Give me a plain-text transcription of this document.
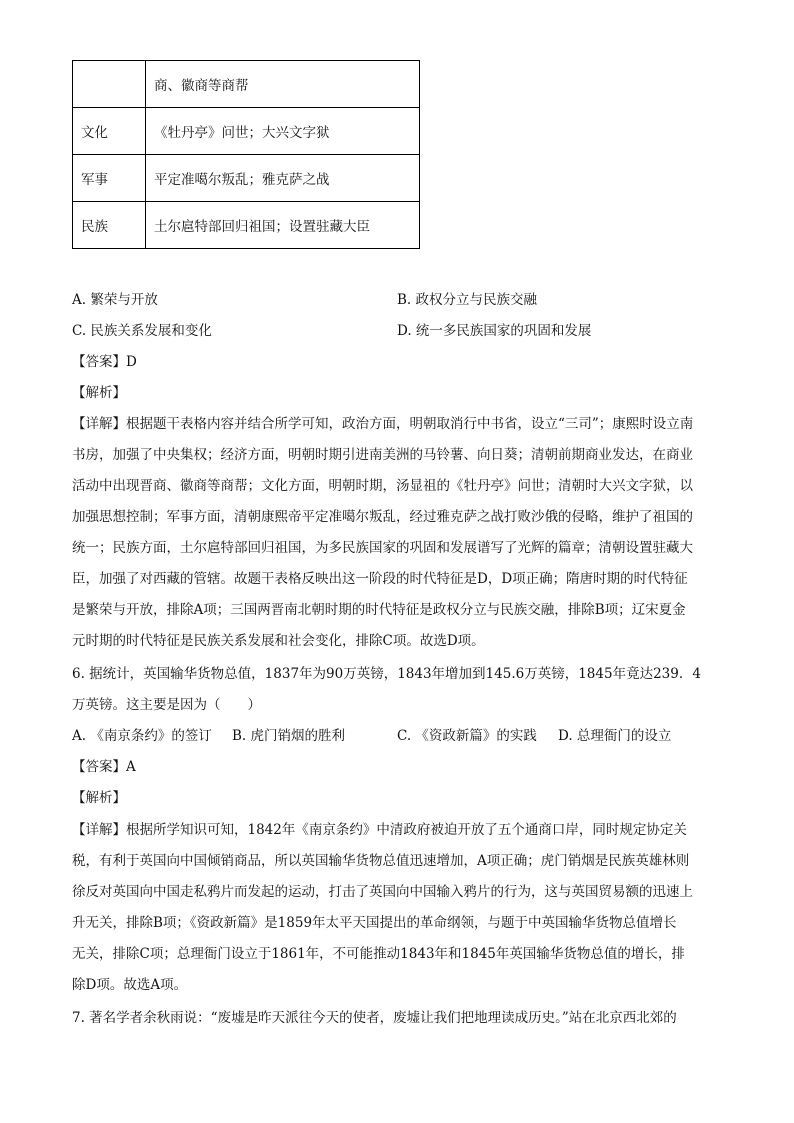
	商、徽商等商帮
文化	《牡丹亭》问世；大兴文字狱
军事	平定准噶尔叛乱；雅克萨之战
民族	土尔扈特部回归祖国；设置驻藏大臣
A. 繁荣与开放	B. 政权分立与民族交融
C. 民族关系发展和变化	D. 统一多民族国家的巩固和发展
【答案】D
【解析】
【详解】根据题干表格内容并结合所学可知，政治方面，明朝取消行中书省，设立“三司”；康熙时设立南
书房，加强了中央集权；经济方面，明朝时期引进南美洲的马铃薯、向日葵；清朝前期商业发达，在商业
活动中出现晋商、徽商等商帮；文化方面，明朝时期，汤显祖的《牡丹亭》问世；清朝时大兴文字狱，以
加强思想控制；军事方面，清朝康熙帝平定准噶尔叛乱，经过雅克萨之战打败沙俄的侵略，维护了祖国的
统一；民族方面，土尔扈特部回归祖国，为多民族国家的巩固和发展谱写了光辉的篇章；清朝设置驻藏大
臣，加强了对西藏的管辖。故题干表格反映出这一阶段的时代特征是D，D项正确；隋唐时期的时代特征
是繁荣与开放，排除A项；三国两晋南北朝时期的时代特征是政权分立与民族交融，排除B项；辽宋夏金
元时期的时代特征是民族关系发展和社会变化，排除C项。故选D项。
6. 据统计，英国输华货物总值，1837年为90万英镑，1843年增加到145.6万英镑，1845年竟达239．4
万英镑。这主要是因为（　　）
A. 《南京条约》的签订 B. 虎门销烟的胜利	C. 《资政新篇》的实践 D. 总理衙门的设立
【答案】A
【解析】
【详解】根据所学知识可知，1842年《南京条约》中清政府被迫开放了五个通商口岸，同时规定协定关
税，有利于英国向中国倾销商品，所以英国输华货物总值迅速增加，A项正确；虎门销烟是民族英雄林则
徐反对英国向中国走私鸦片而发起的运动，打击了英国向中国输入鸦片的行为，这与英国贸易额的迅速上
升无关，排除B项；《资政新篇》是1859年太平天国提出的革命纲领，与题于中英国输华货物总值增长
无关，排除C项；总理衙门设立于1861年，不可能推动1843年和1845年英国输华货物总值的增长，排
除D项。故选A项。
7. 著名学者余秋雨说：“废墟是昨天派往今天的使者，废墟让我们把地理读成历史。”站在北京西北郊的
